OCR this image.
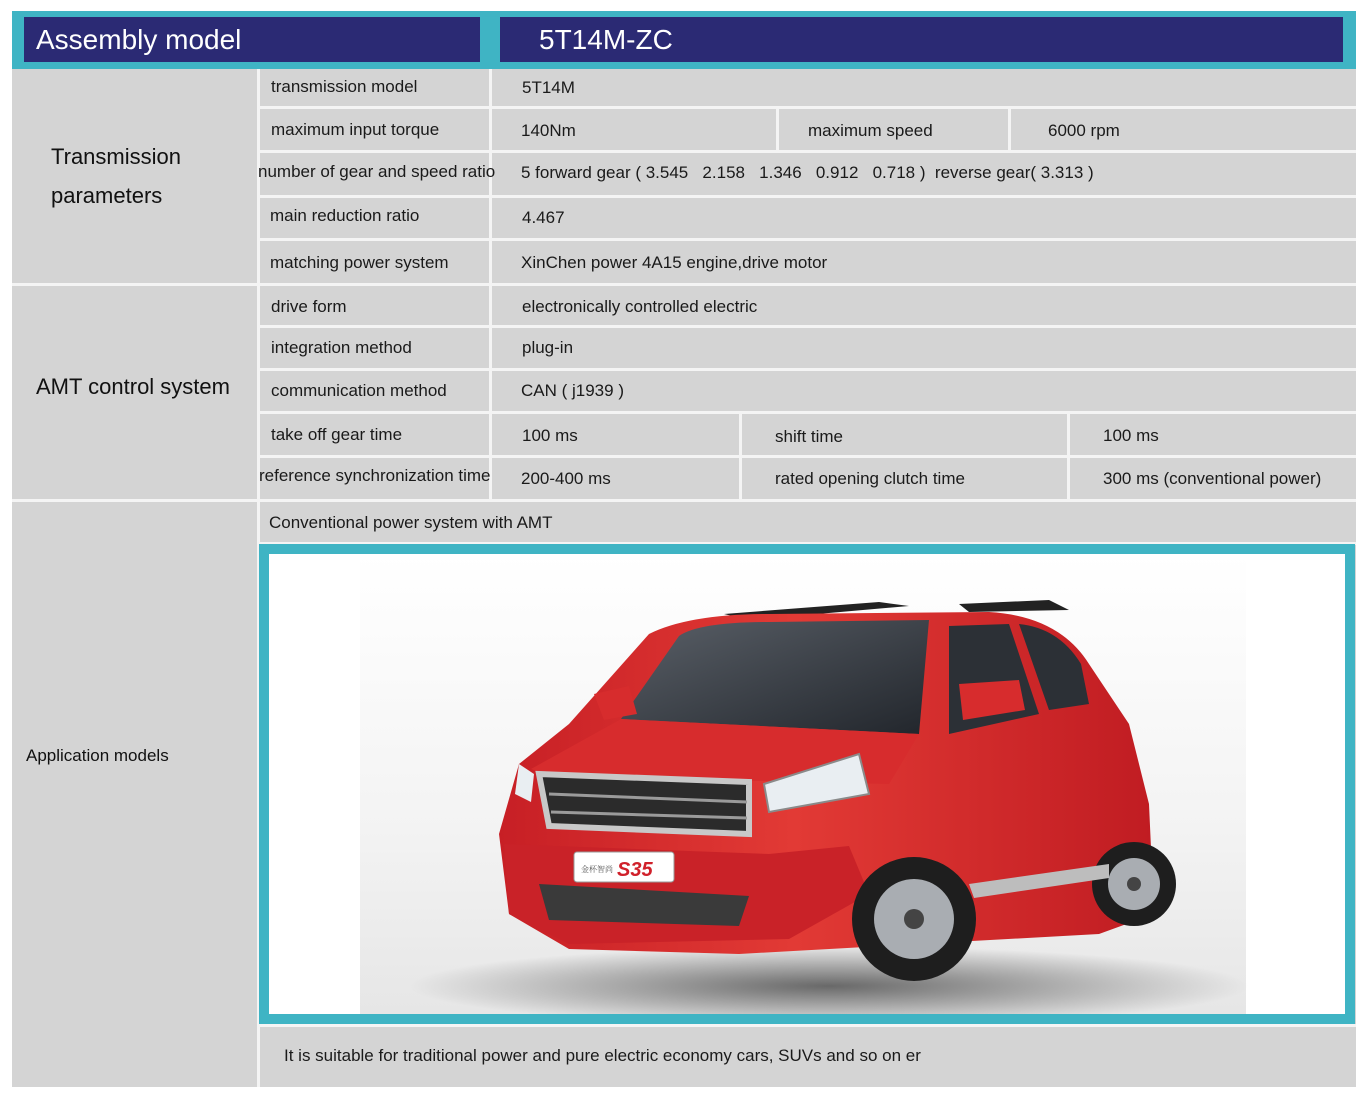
Assembly model	5T14M-ZC
Transmission
parameters
AMT control system
Application models
transmission model	5T14M
maximum input torque	140Nm	maximum speed	6000 rpm
number of gear and speed ratio 5 forward gear ( 3.545   2.158   1.346   0.912   0.718 )  reverse gear( 3.313 )
main reduction ratio	4.467
matching power system	XinChen power 4A15 engine,drive motor
drive form	electronically controlled electric
integration method	plug-in
communication method	CAN ( j1939 )
take off gear time	100 ms	shift time	100 ms
reference synchronization time 200-400 ms	rated opening clutch time	300 ms (conventional power)
Conventional power system with AMT
金杯智尚 S35
It is suitable for traditional power and pure electric economy cars, SUVs and so on er
